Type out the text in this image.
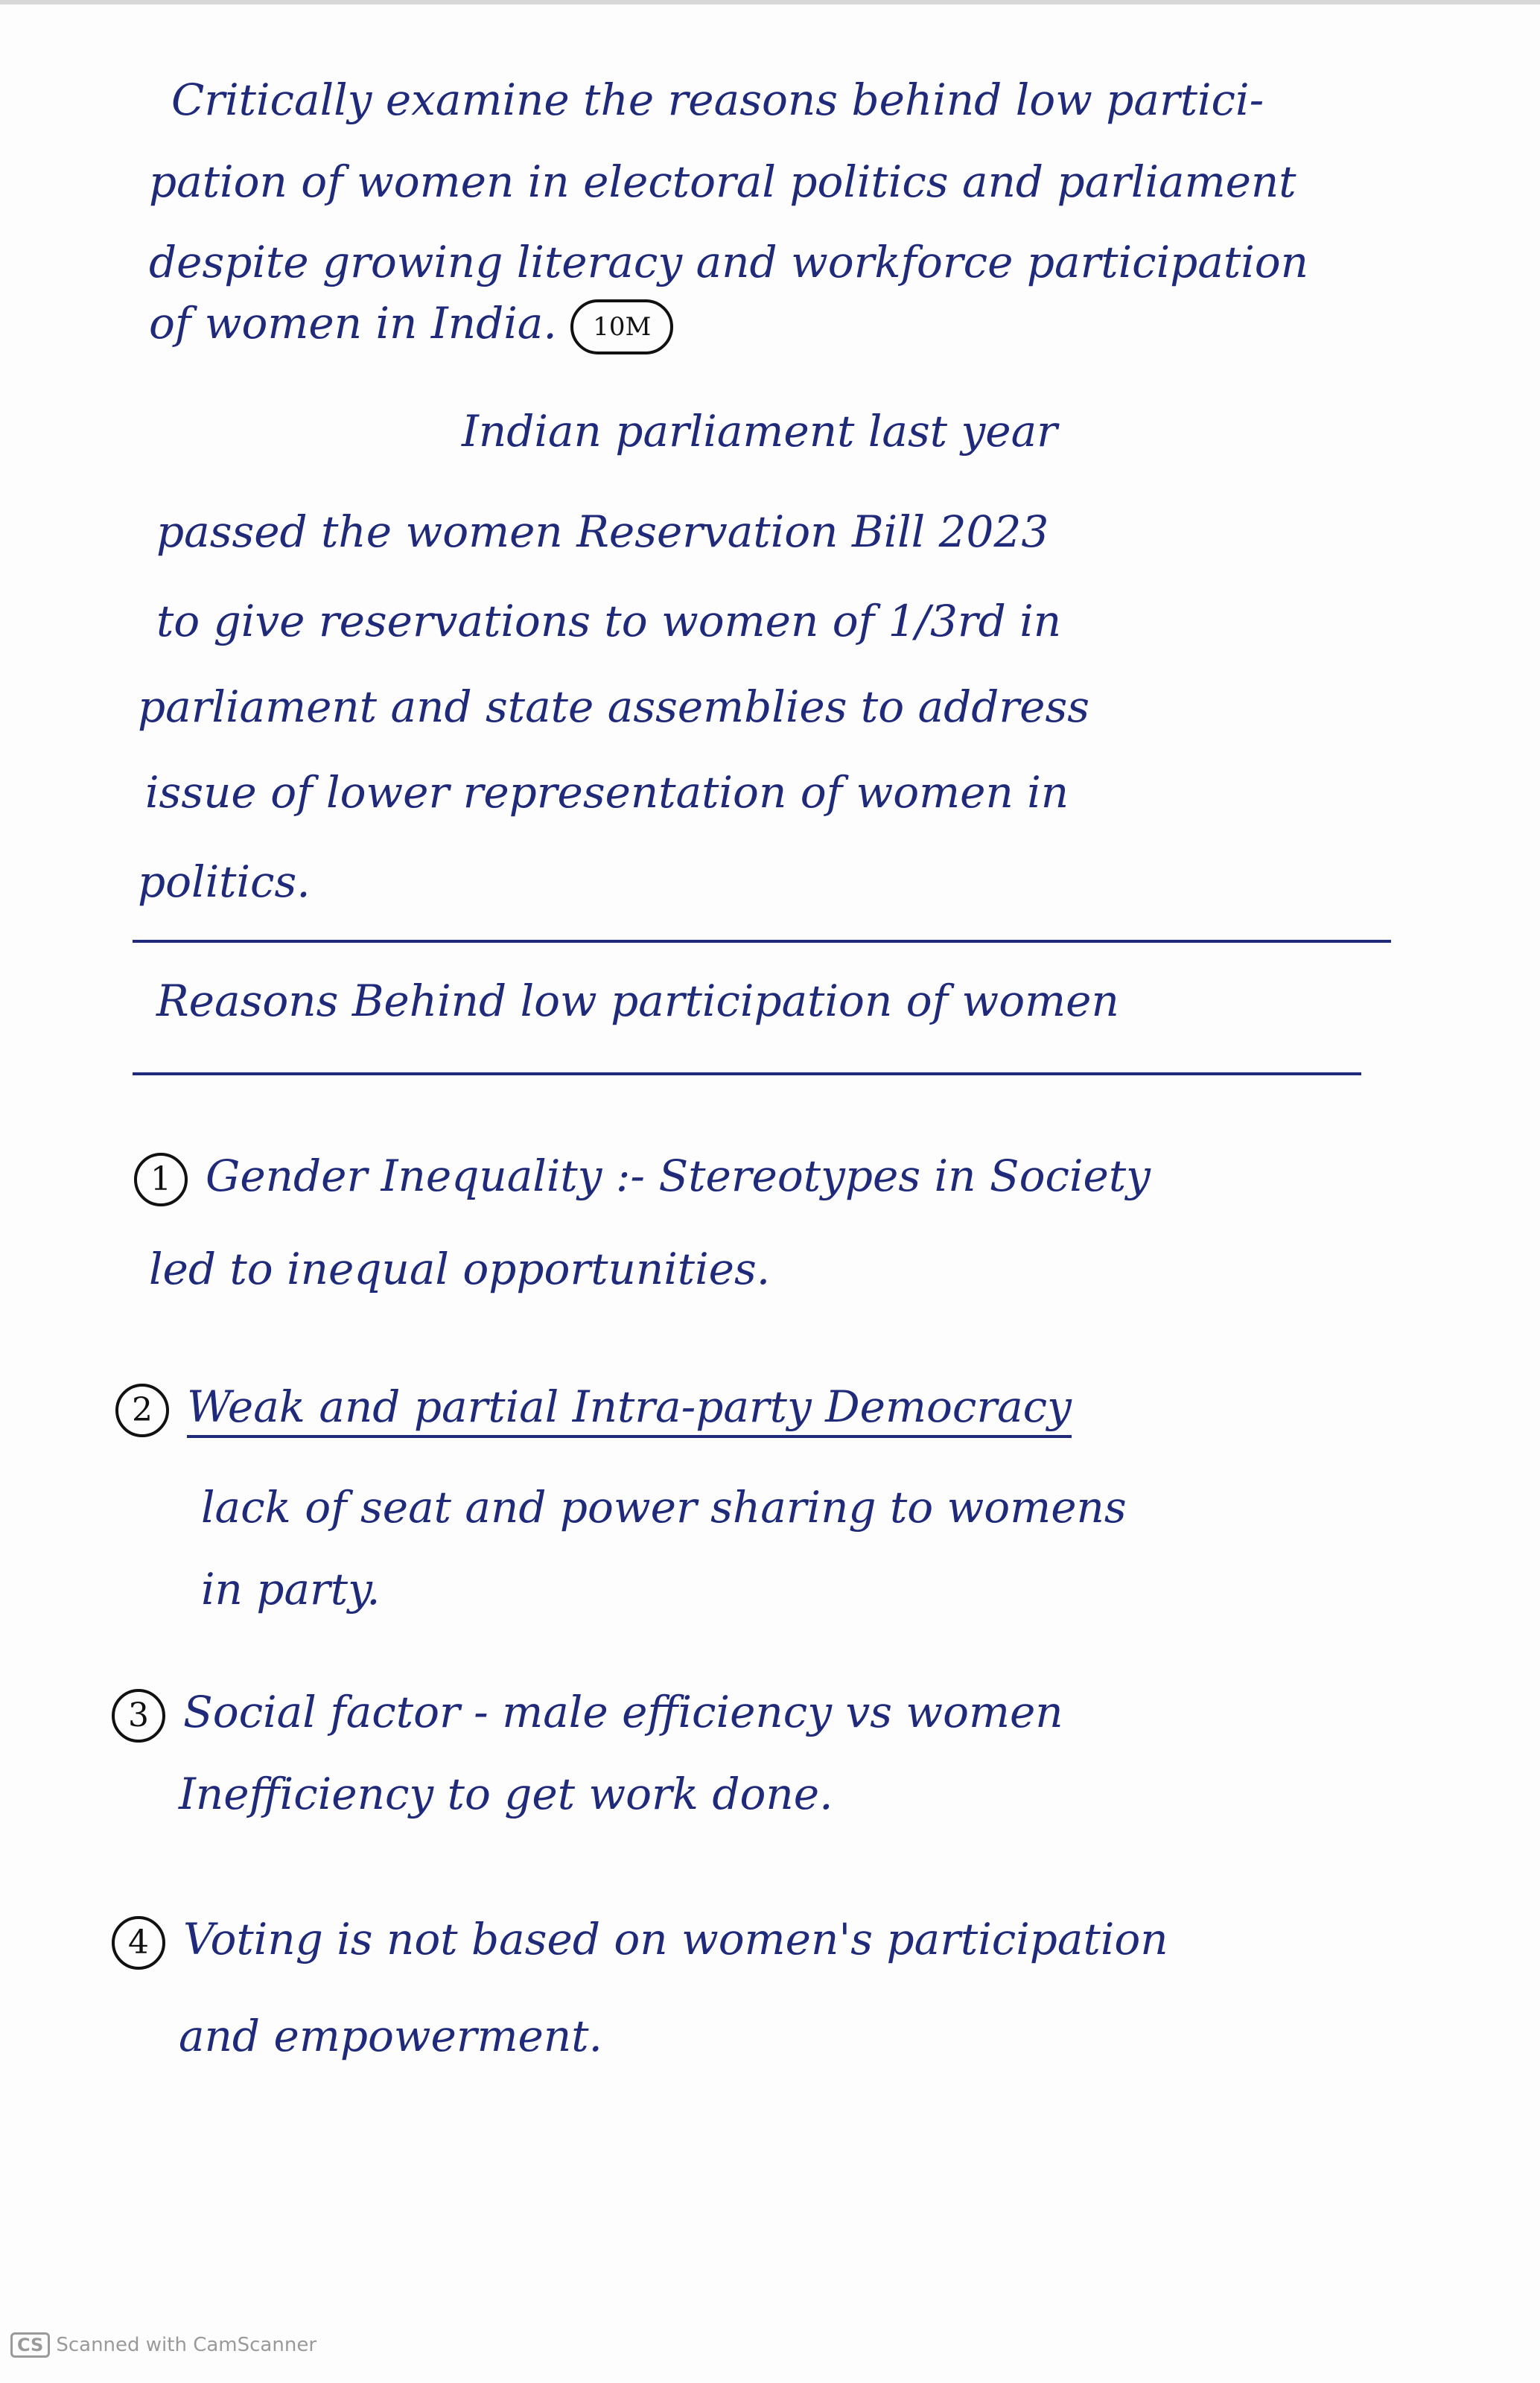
Critically examine the reasons behind low partici-
pation of women in electoral politics and parliament
despite growing literacy and workforce participation
of women in India. 10M
Indian parliament last year
passed the women Reservation Bill 2023
to give reservations to women of 1/3rd in
parliament and state assemblies to address
issue of lower representation of women in
politics.
Reasons Behind low participation of women
1 Gender Inequality :- Stereotypes in Society
led to inequal opportunities.
2 Weak and partial Intra-party Democracy
lack of seat and power sharing to womens
in party.
3 Social factor - male efficiency vs women
Inefficiency to get work done.
4 Voting is not based on women's participation
and empowerment.
CS Scanned with CamScanner
